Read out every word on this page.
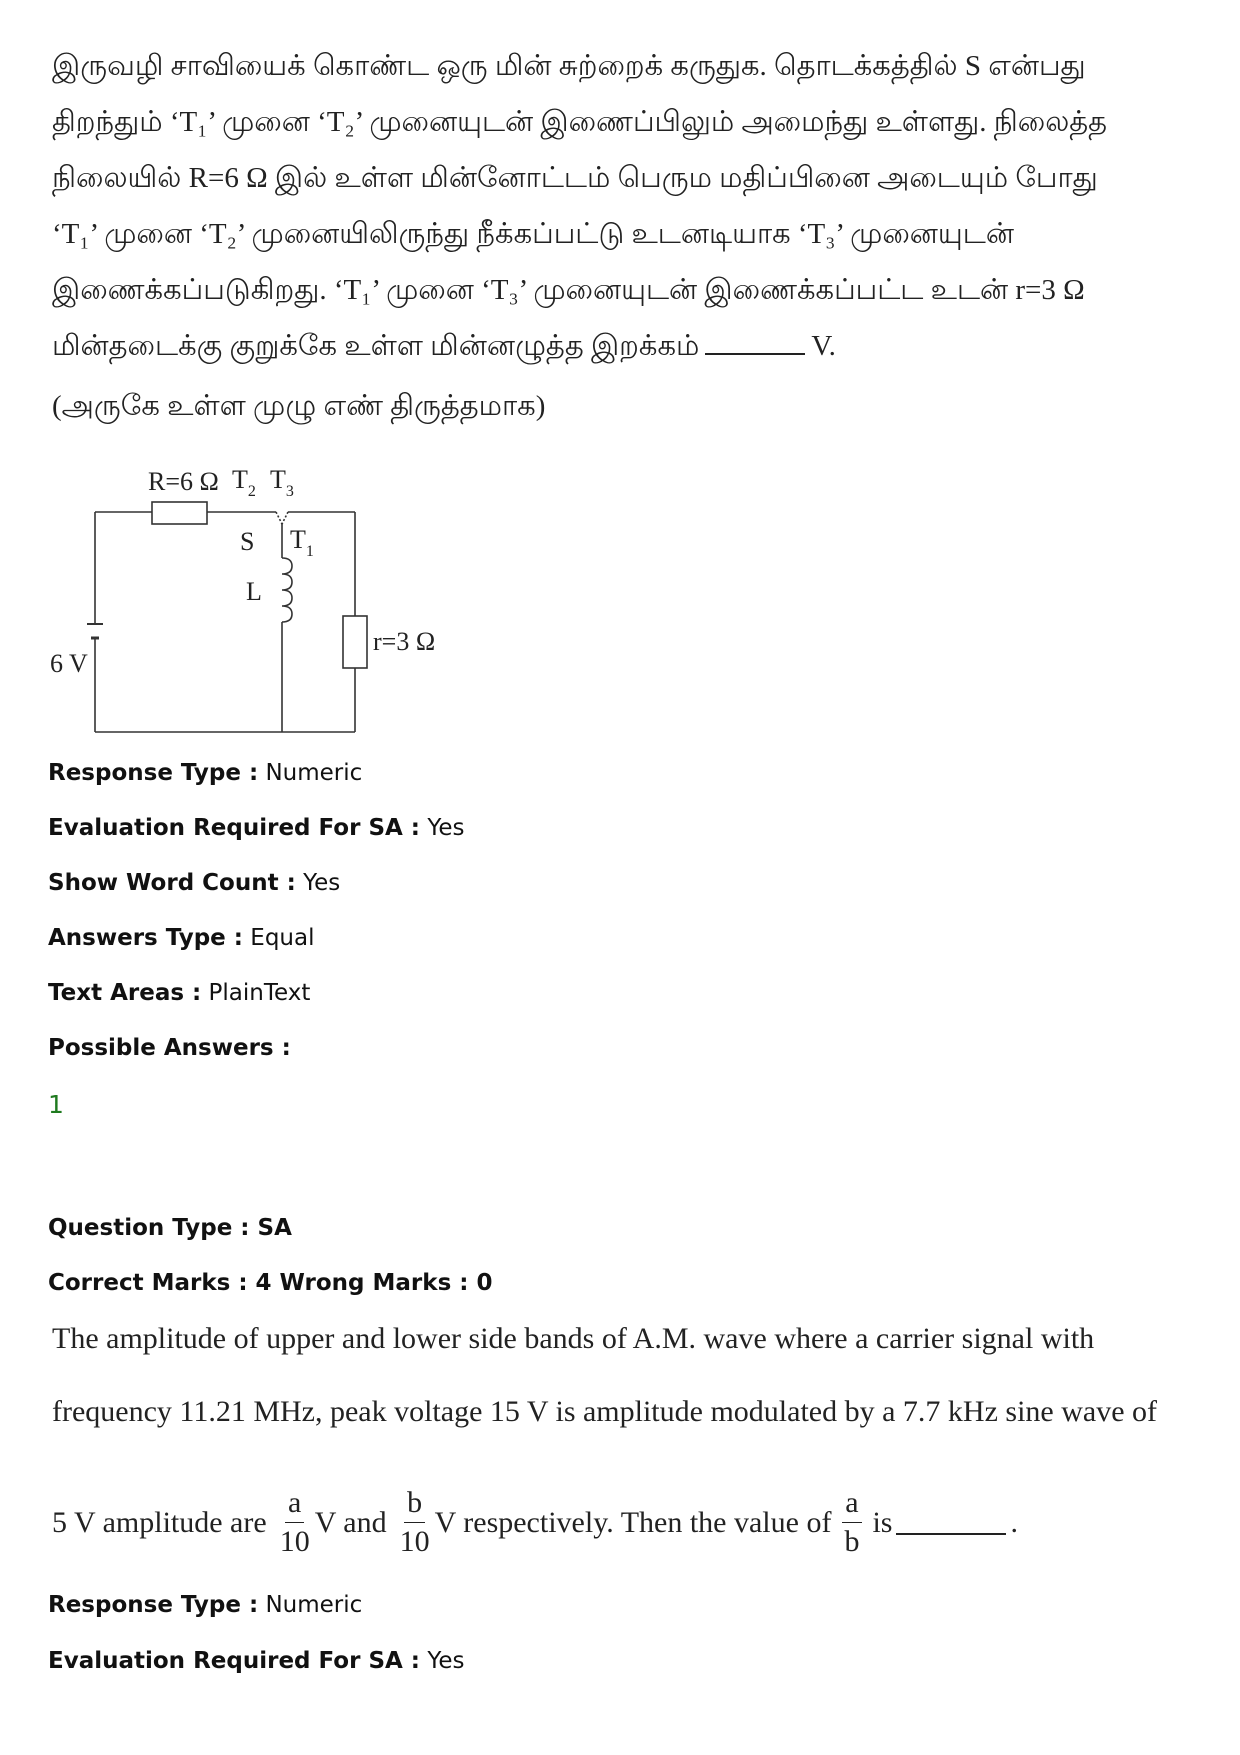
இருவழி சாவியைக் கொண்ட ஒரு மின் சுற்றைக் கருதுக. தொடக்கத்தில் S என்பது
திறந்தும் ‘T₁’ முனை ‘T₂’ முனையுடன் இணைப்பிலும் அமைந்து உள்ளது. நிலைத்த
நிலையில் R=6 Ω இல் உள்ள மின்னோட்டம் பெரும மதிப்பினை அடையும் போது
‘T₁’ முனை ‘T₂’ முனையிலிருந்து நீக்கப்பட்டு உடனடியாக ‘T₃’ முனையுடன்
இணைக்கப்படுகிறது. ‘T₁’ முனை ‘T₃’ முனையுடன் இணைக்கப்பட்ட உடன் r=3 Ω
மின்தடைக்கு குறுக்கே உள்ள மின்னழுத்த இறக்கம்	V.
(அருகே உள்ள முழு எண் திருத்தமாக)
R=6 Ω $T_2$ $T_3$
S $T_1$
L
r=3 Ω
6 V
Response Type : Numeric
Evaluation Required For SA : Yes
Show Word Count : Yes
Answers Type : Equal
Text Areas : PlainText
Possible Answers :
1
Question Type : SA
Correct Marks : 4 Wrong Marks : 0
The amplitude of upper and lower side bands of A.M. wave where a carrier signal with
frequency 11.21 MHz, peak voltage 15 V is amplitude modulated by a 7.7 kHz sine wave of
5 V amplitude are $\frac{a}{10}$ V and $\frac{b}{10}$ V respectively. Then the value of $\frac{a}{b}$ is	.
Response Type : Numeric
Evaluation Required For SA : Yes
